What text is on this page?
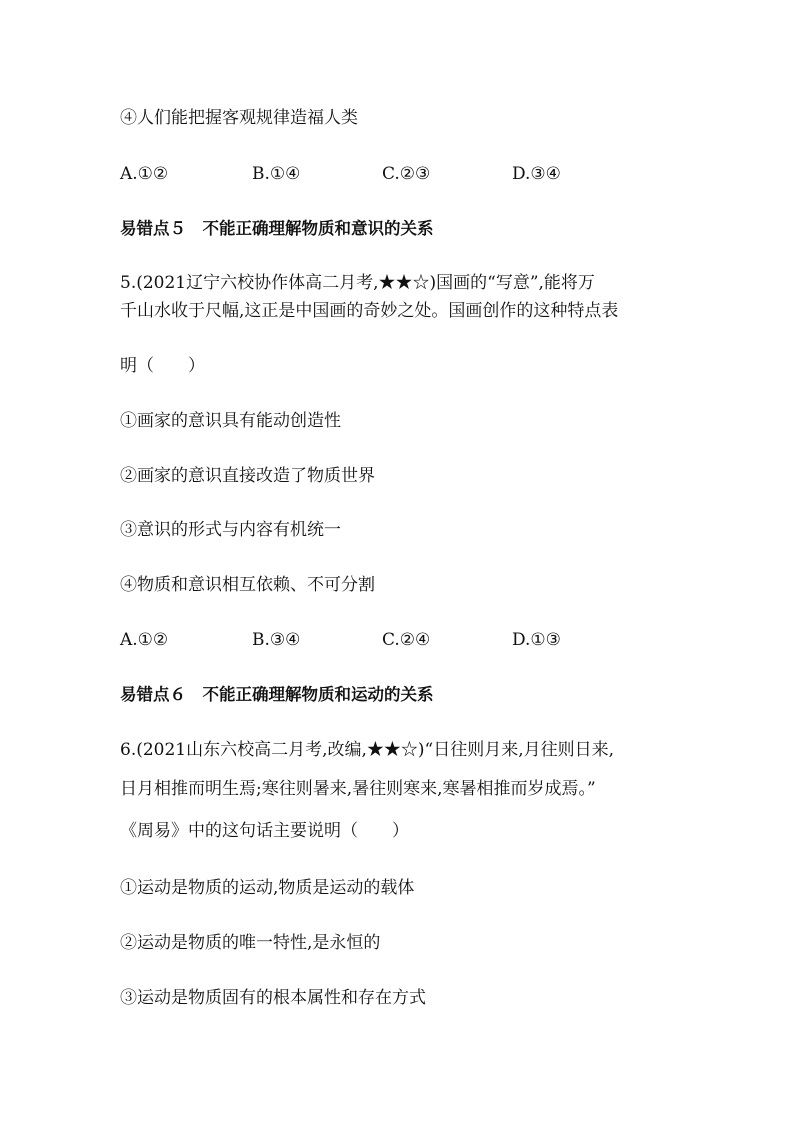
④人们能把握客观规律造福人类
A.①②	B.①④	C.②③	D.③④
易错点５　不能正确理解物质和意识的关系
5.(2021辽宁六校协作体高二月考,★★☆)国画的“写意”,能将万
千山水收于尺幅,这正是中国画的奇妙之处。国画创作的这种特点表
明（　　）
①画家的意识具有能动创造性
②画家的意识直接改造了物质世界
③意识的形式与内容有机统一
④物质和意识相互依赖、不可分割
A.①②	B.③④	C.②④	D.①③
易错点６　不能正确理解物质和运动的关系
6.(2021山东六校高二月考,改编,★★☆)“日往则月来,月往则日来,
日月相推而明生焉;寒往则暑来,暑往则寒来,寒暑相推而岁成焉。”
《周易》中的这句话主要说明（　　）
①运动是物质的运动,物质是运动的载体
②运动是物质的唯一特性,是永恒的
③运动是物质固有的根本属性和存在方式
